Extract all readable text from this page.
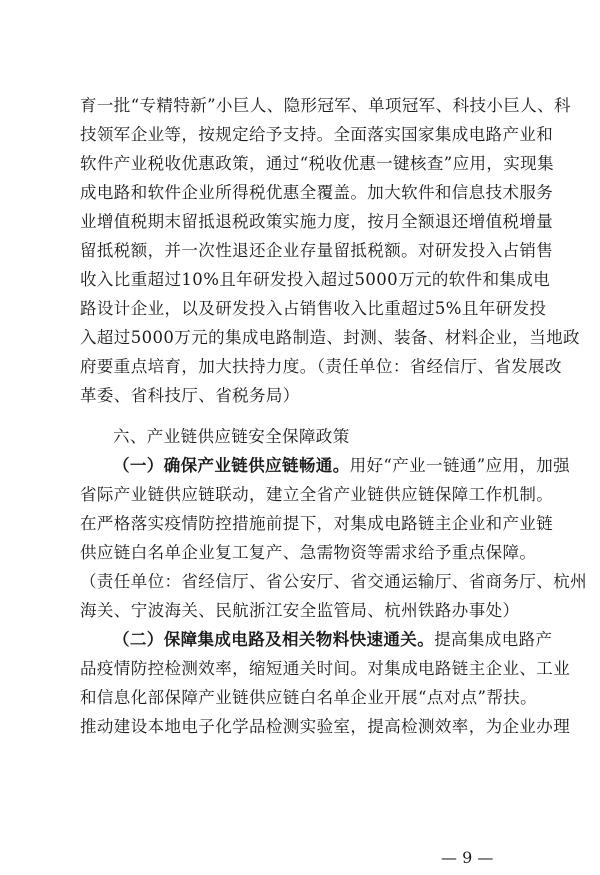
育一批“专精特新”小巨人、隐形冠军、单项冠军、科技小巨人、科
技领军企业等，按规定给予支持。全面落实国家集成电路产业和
软件产业税收优惠政策，通过“税收优惠一键核查”应用，实现集
成电路和软件企业所得税优惠全覆盖。加大软件和信息技术服务
业增值税期末留抵退税政策实施力度，按月全额退还增值税增量
留抵税额，并一次性退还企业存量留抵税额。对研发投入占销售
收入比重超过10%且年研发投入超过5000万元的软件和集成电
路设计企业，以及研发投入占销售收入比重超过5%且年研发投
入超过5000万元的集成电路制造、封测、装备、材料企业，当地政
府要重点培育，加大扶持力度。（责任单位：省经信厅、省发展改
革委、省科技厅、省税务局）
六、产业链供应链安全保障政策
（一）确保产业链供应链畅通。用好“产业一链通”应用，加强
省际产业链供应链联动，建立全省产业链供应链保障工作机制。
在严格落实疫情防控措施前提下，对集成电路链主企业和产业链
供应链白名单企业复工复产、急需物资等需求给予重点保障。
（责任单位：省经信厅、省公安厅、省交通运输厅、省商务厅、杭州
海关、宁波海关、民航浙江安全监管局、杭州铁路办事处）
（二）保障集成电路及相关物料快速通关。提高集成电路产
品疫情防控检测效率，缩短通关时间。对集成电路链主企业、工业
和信息化部保障产业链供应链白名单企业开展“点对点”帮扶。
推动建设本地电子化学品检测实验室，提高检测效率，为企业办理
— 9 —
